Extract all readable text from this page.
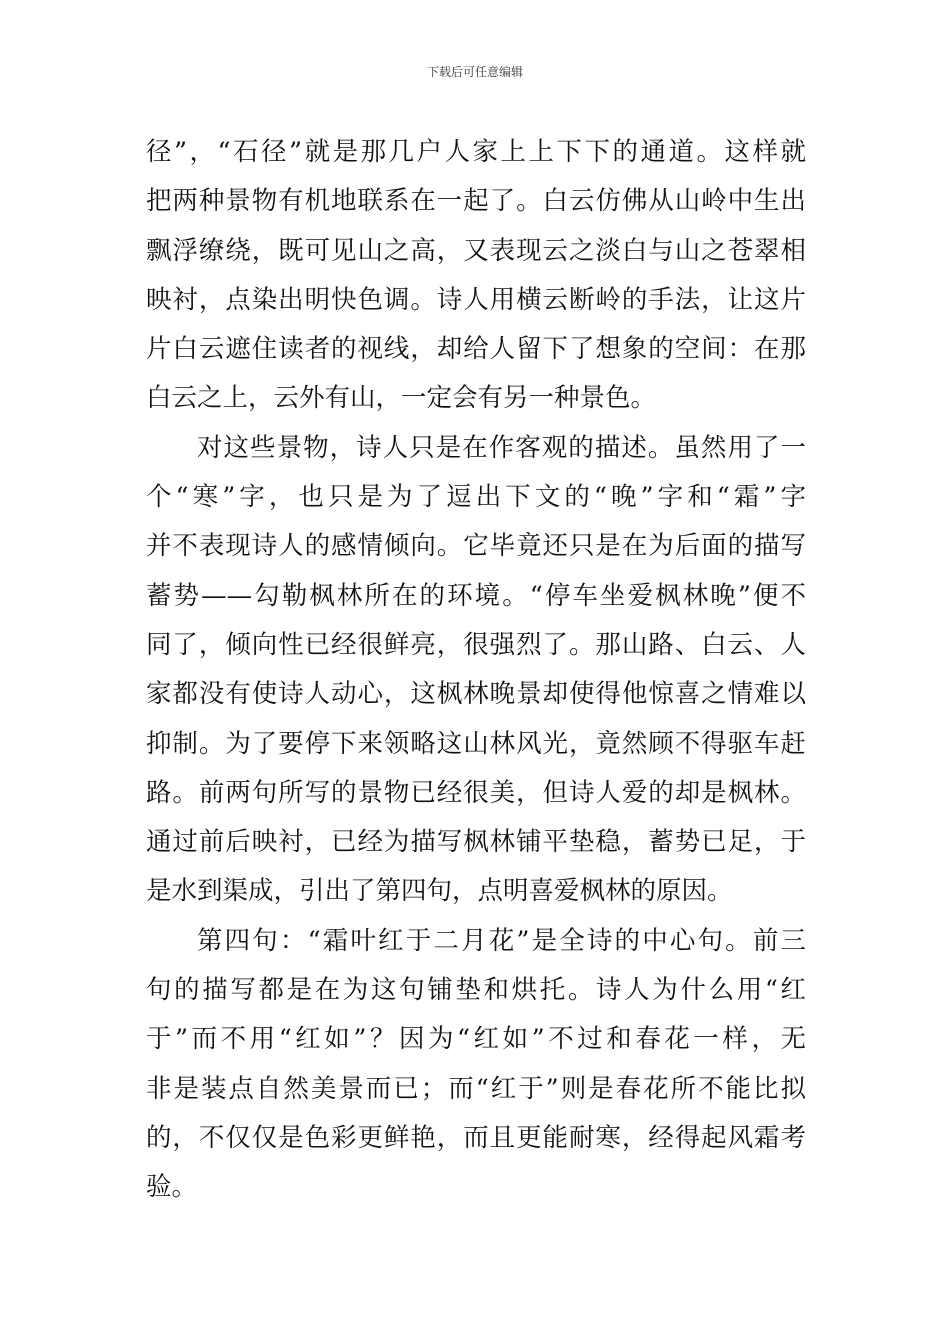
下载后可任意编辑
径”，“石径”就是那几户人家上上下下的通道。这样就
把两种景物有机地联系在一起了。白云仿佛从山岭中生出
飘浮缭绕，既可见山之高，又表现云之淡白与山之苍翠相
映衬，点染出明快色调。诗人用横云断岭的手法，让这片
片白云遮住读者的视线，却给人留下了想象的空间：在那
白云之上，云外有山，一定会有另一种景色。
对这些景物，诗人只是在作客观的描述。虽然用了一
个“寒”字，也只是为了逗出下文的“晚”字和“霜”字
并不表现诗人的感情倾向。它毕竟还只是在为后面的描写
蓄势——勾勒枫林所在的环境。“停车坐爱枫林晚”便不
同了，倾向性已经很鲜亮，很强烈了。那山路、白云、人
家都没有使诗人动心，这枫林晚景却使得他惊喜之情难以
抑制。为了要停下来领略这山林风光，竟然顾不得驱车赶
路。前两句所写的景物已经很美，但诗人爱的却是枫林。
通过前后映衬，已经为描写枫林铺平垫稳，蓄势已足，于
是水到渠成，引出了第四句，点明喜爱枫林的原因。
第四句：“霜叶红于二月花”是全诗的中心句。前三
句的描写都是在为这句铺垫和烘托。诗人为什么用“红
于”而不用“红如”？因为“红如”不过和春花一样，无
非是装点自然美景而已；而“红于”则是春花所不能比拟
的，不仅仅是色彩更鲜艳，而且更能耐寒，经得起风霜考
验。
